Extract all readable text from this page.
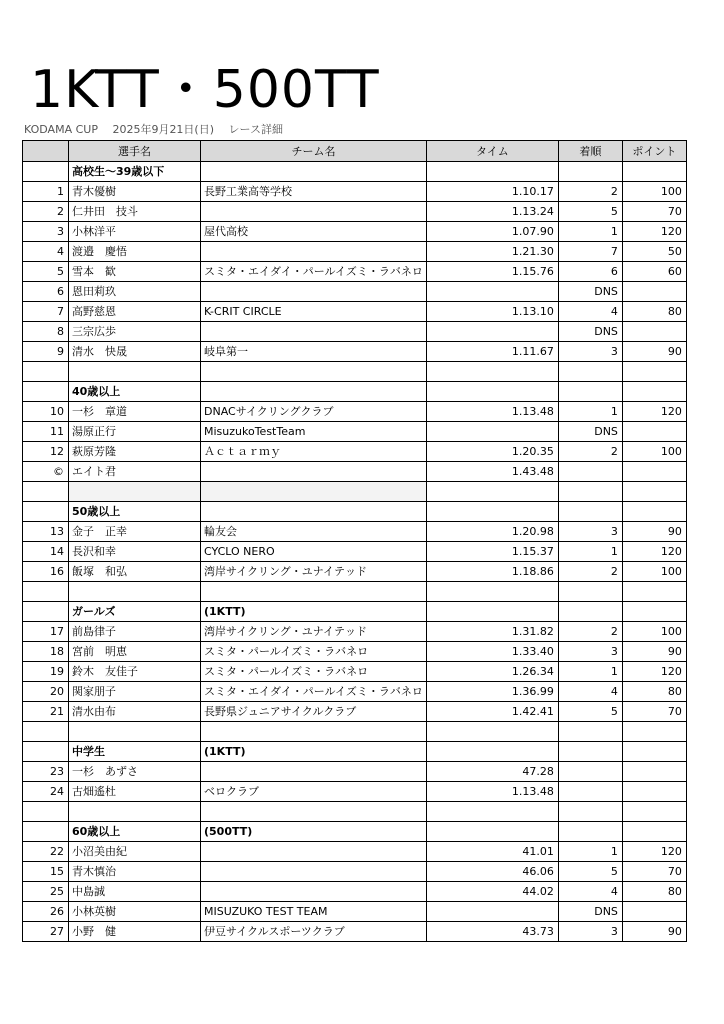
1KTT・500TT
KODAMA CUP　 2025年9月21日(日)　 レース詳細
	選手名	チーム名	タイム	着順	ポイント
	高校生～39歳以下				
1	青木優樹	長野工業高等学校	1.10.17	2	100
2	仁井田　技斗		1.13.24	5	70
3	小林洋平	屋代高校	1.07.90	1	120
4	渡邉　慶悟		1.21.30	7	50
5	雪本　歓	スミタ・エイダイ・パールイズミ・ラバネロ	1.15.76	6	60
6	恩田莉玖			DNS	
7	高野慈恩	K-CRIT CIRCLE	1.13.10	4	80
8	三宗広歩			DNS	
9	清水　快晟	岐阜第一	1.11.67	3	90

	40歳以上				
10	一杉　章道	DNACサイクリングクラブ	1.13.48	1	120
11	湯原正行	MisuzukoTestTeam		DNS	
12	萩原芳隆	Ａｃｔａｒｍｙ	1.20.35	2	100
©	エイト君		1.43.48		

	50歳以上				
13	金子　正幸	輪友会	1.20.98	3	90
14	長沢和幸	CYCLO NERO	1.15.37	1	120
16	飯塚　和弘	湾岸サイクリング・ユナイテッド	1.18.86	2	100

	ガールズ	(1KTT)			
17	前島律子	湾岸サイクリング・ユナイテッド	1.31.82	2	100
18	宮前　明恵	スミタ・パールイズミ・ラバネロ	1.33.40	3	90
19	鈴木　友佳子	スミタ・パールイズミ・ラバネロ	1.26.34	1	120
20	関家朋子	スミタ・エイダイ・パールイズミ・ラバネロ	1.36.99	4	80
21	清水由布	長野県ジュニアサイクルクラブ	1.42.41	5	70

	中学生	(1KTT)			
23	一杉　あずさ		47.28		
24	古畑遙杜	ベロクラブ	1.13.48		

	60歳以上	(500TT)			
22	小沼美由紀		41.01	1	120
15	青木慎治		46.06	5	70
25	中島誠		44.02	4	80
26	小林英樹	MISUZUKO TEST TEAM		DNS	
27	小野　健	伊豆サイクルスポーツクラブ	43.73	3	90
